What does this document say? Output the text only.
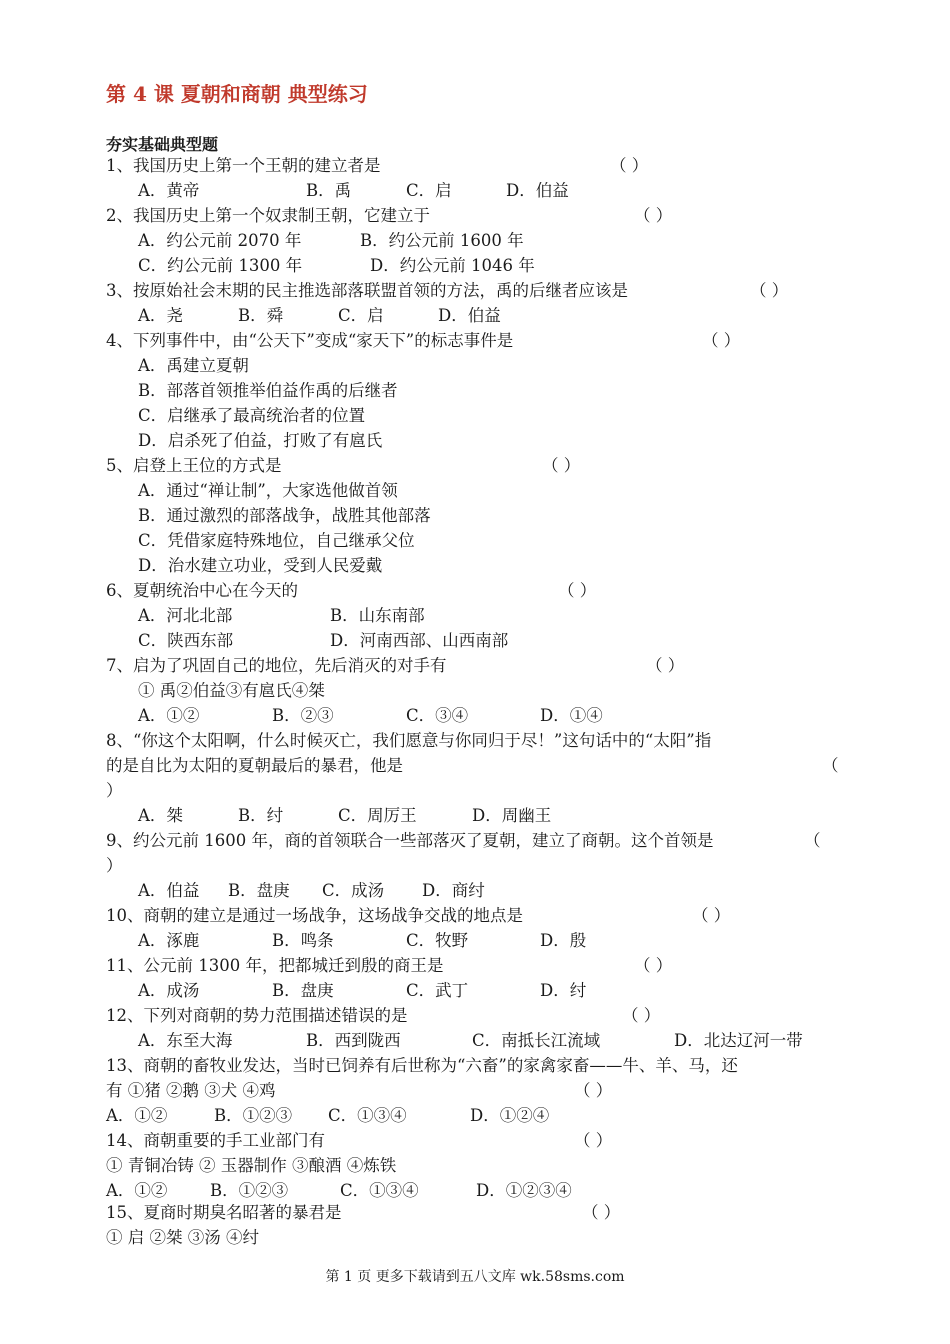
第 4 课 夏朝和商朝 典型练习
夯实基础典型题
1、我国历史上第一个王朝的建立者是	（ ）
A．黄帝	B．禹	C．启	D．伯益
2、我国历史上第一个奴隶制王朝，它建立于	（ ）
A．约公元前 2070 年	B．约公元前 1600 年
C．约公元前 1300 年	D．约公元前 1046 年
3、按原始社会末期的民主推选部落联盟首领的方法，禹的后继者应该是	（ ）
A．尧	B．舜	C．启	D．伯益
4、下列事件中，由“公天下”变成“家天下”的标志事件是	（ ）
A．禹建立夏朝
B．部落首领推举伯益作禹的后继者
C．启继承了最高统治者的位置
D．启杀死了伯益，打败了有扈氏
5、启登上王位的方式是	（ ）
A．通过“禅让制”，大家选他做首领
B．通过激烈的部落战争，战胜其他部落
C．凭借家庭特殊地位，自己继承父位
D．治水建立功业，受到人民爱戴
6、夏朝统治中心在今天的	（ ）
A．河北北部	B．山东南部
C．陕西东部	D．河南西部、山西南部
7、启为了巩固自己的地位，先后消灭的对手有	（ ）
① 禹②伯益③有扈氏④桀
A．①②	B．②③	C．③④	D．①④
8、“你这个太阳啊，什么时候灭亡，我们愿意与你同归于尽！”这句话中的“太阳”指
的是自比为太阳的夏朝最后的暴君，他是	（
）
A．桀	B．纣	C．周厉王	D．周幽王
9、约公元前 1600 年，商的首领联合一些部落灭了夏朝，建立了商朝。这个首领是	（
）
A．伯益 B．盘庚 C．成汤 D．商纣
10、商朝的建立是通过一场战争，这场战争交战的地点是	（ ）
A．涿鹿	B．鸣条	C．牧野	D．殷
11、公元前 1300 年，把都城迁到殷的商王是	（ ）
A．成汤	B．盘庚	C．武丁	D．纣
12、下列对商朝的势力范围描述错误的是	（ ）
A．东至大海	B．西到陇西	C．南抵长江流域	D．北达辽河一带
13、商朝的畜牧业发达，当时已饲养有后世称为“六畜”的家禽家畜——牛、羊、马，还
有 ①猪 ②鹅 ③犬 ④鸡	（ ）
A．①②	B．①②③ C．①③④	D．①②④
14、商朝重要的手工业部门有	（ ）
① 青铜冶铸 ② 玉器制作 ③酿酒 ④炼铁
A．①②	B．①②③	C．①③④	D．①②③④
15、夏商时期臭名昭著的暴君是	（ ）
① 启 ②桀 ③汤 ④纣
第 1 页 更多下载请到五八文库 wk.58sms.com
